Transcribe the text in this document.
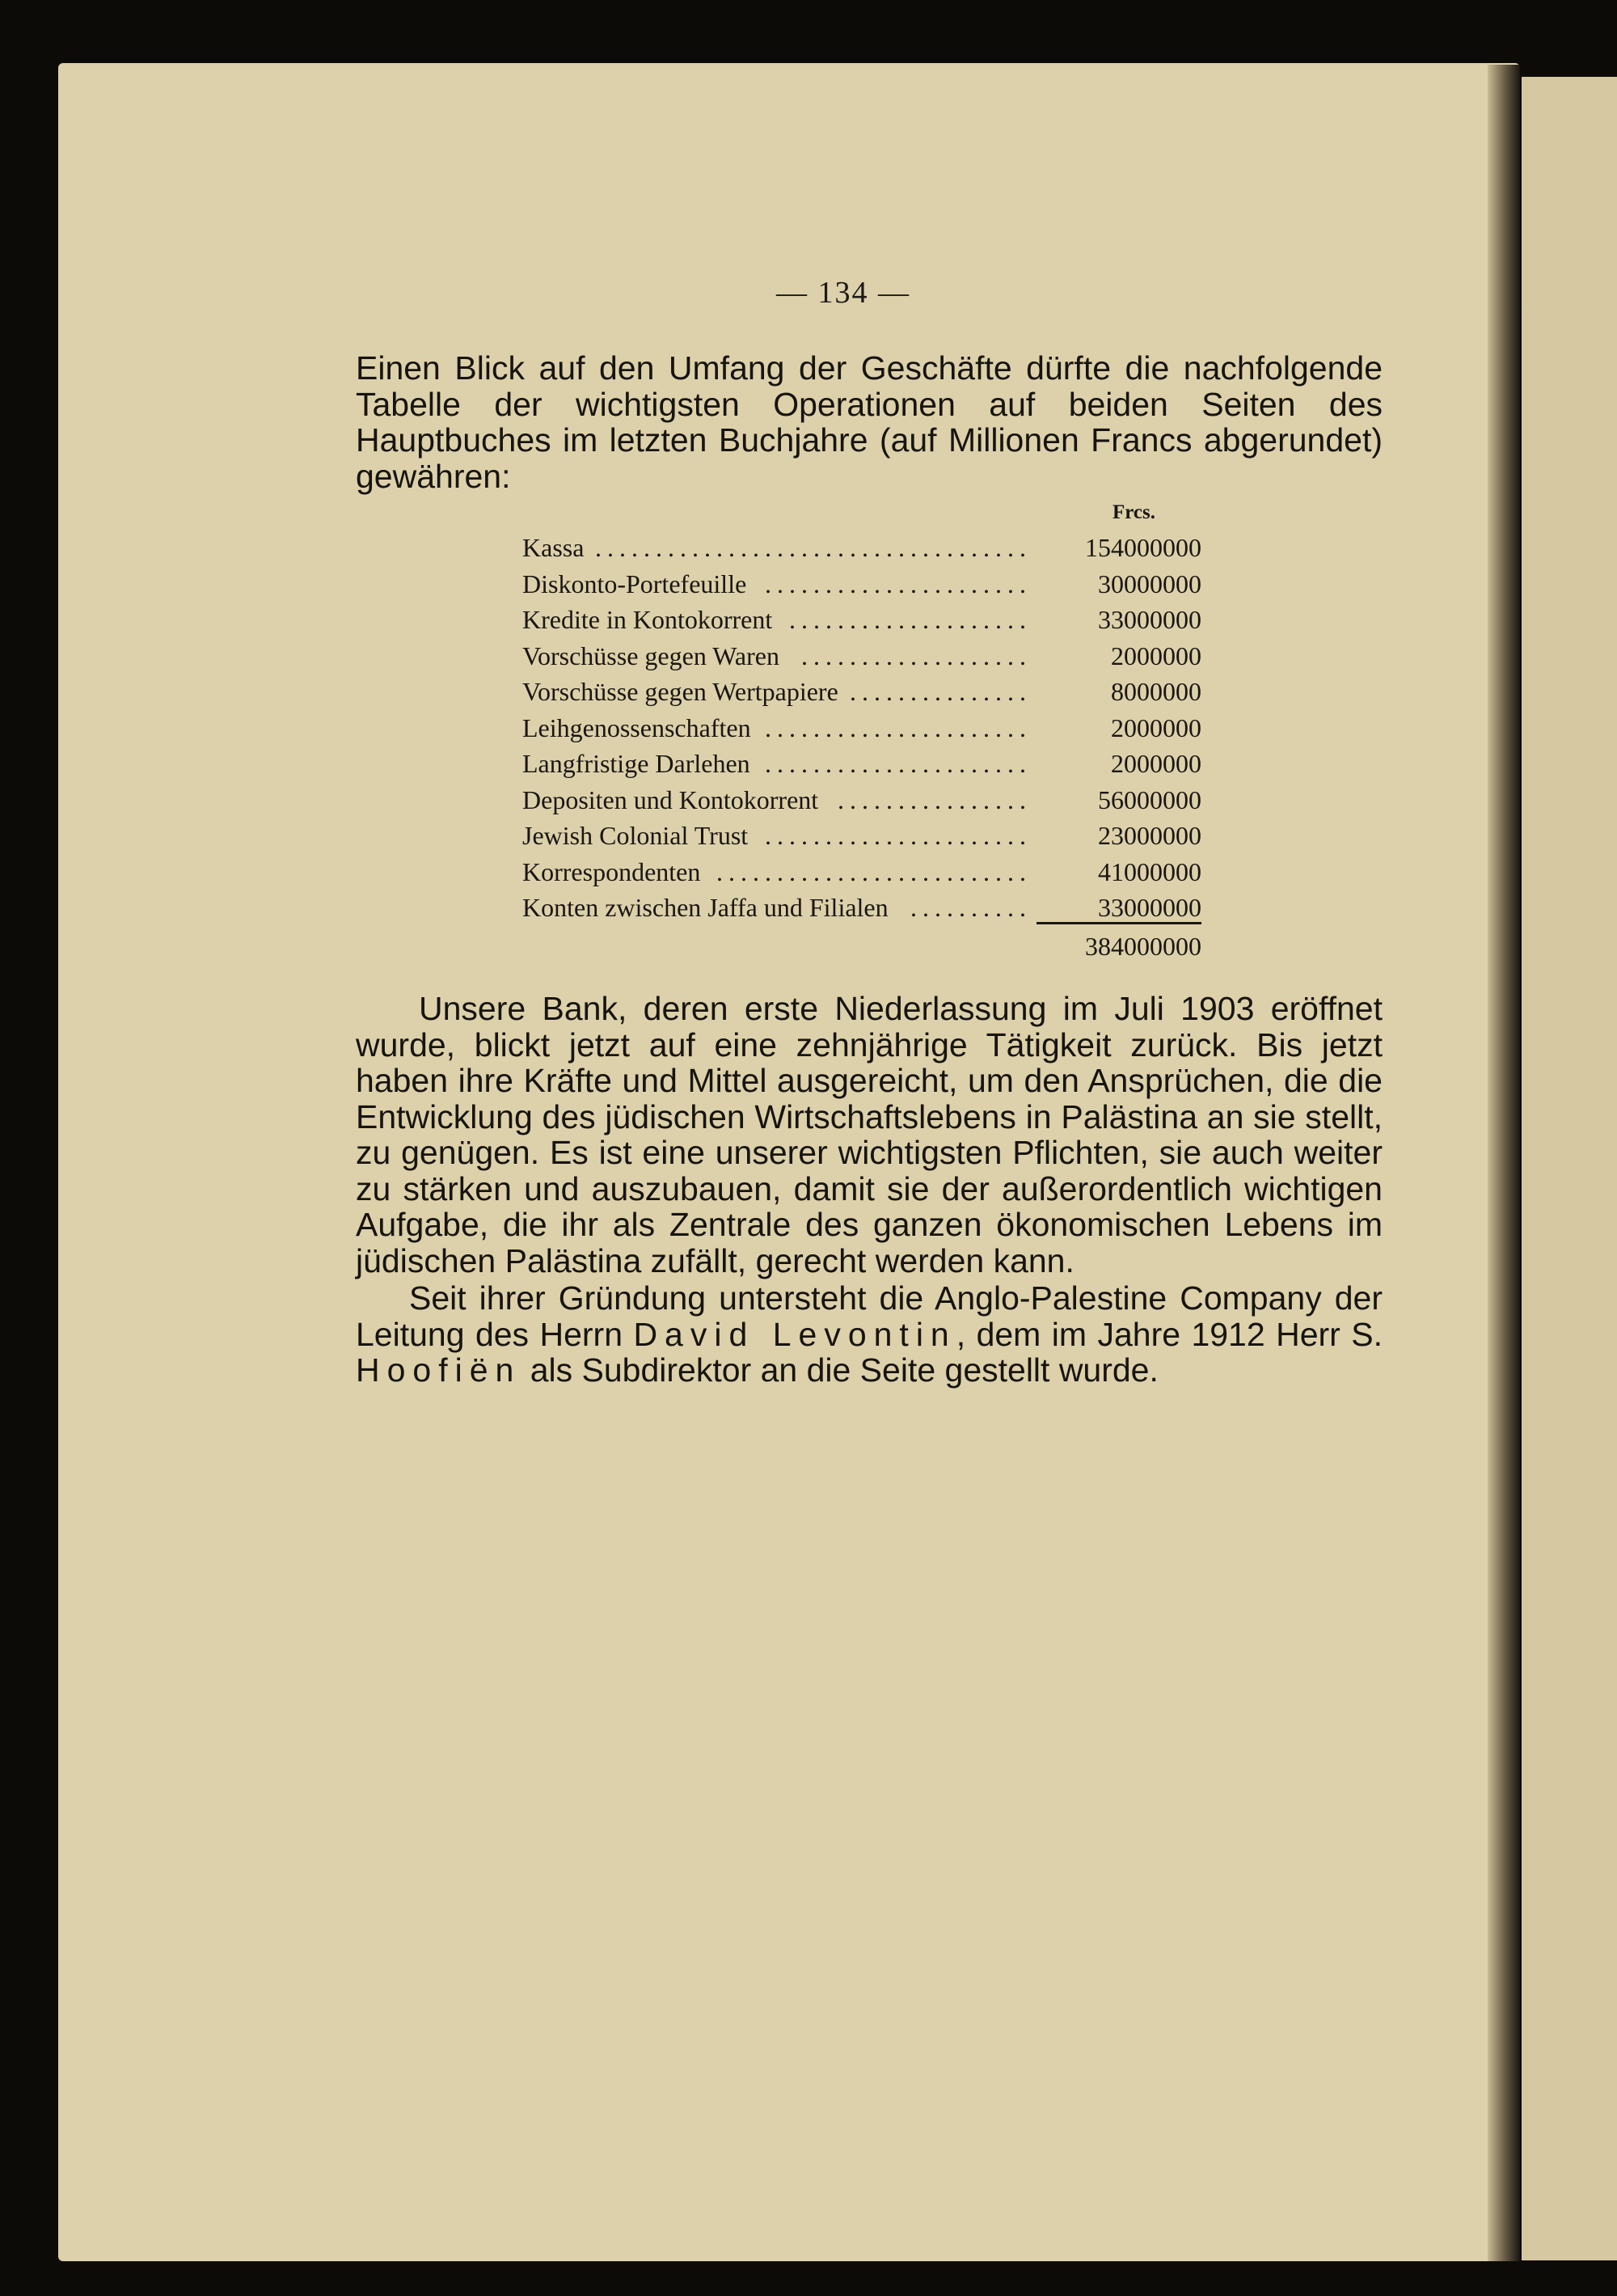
— 134 —

Einen Blick auf den Umfang der Geschäfte dürfte die nachfolgende Tabelle der wichtigsten Operationen auf beiden Seiten des Hauptbuches im letzten Buchjahre (auf Millionen Francs abgerundet) gewähren:

Frcs.
Kassa ....................................	154000000
Diskonto-Portefeuille ......................	30000000
Kredite in Kontokorrent ....................	33000000
Vorschüsse gegen Waren ...................	2000000
Vorschüsse gegen Wertpapiere ...............	8000000
Leihgenossenschaften ......................	2000000
Langfristige Darlehen ......................	2000000
Depositen und Kontokorrent ................	56000000
Jewish Colonial Trust ......................	23000000
Korrespondenten ..........................	41000000
Konten zwischen Jaffa und Filialen ..........	33000000
384000000

Unsere Bank, deren erste Niederlassung im Juli 1903 eröffnet wurde, blickt jetzt auf eine zehnjährige Tätigkeit zurück. Bis jetzt haben ihre Kräfte und Mittel ausgereicht, um den Ansprüchen, die die Entwicklung des jüdischen Wirtschaftslebens in Palästina an sie stellt, zu genügen. Es ist eine unserer wichtigsten Pflichten, sie auch weiter zu stärken und auszubauen, damit sie der außerordentlich wichtigen Aufgabe, die ihr als Zentrale des ganzen ökonomischen Lebens im jüdischen Palästina zufällt, gerecht werden kann.

Seit ihrer Gründung untersteht die Anglo-Palestine Company der Leitung des Herrn David Levontin, dem im Jahre 1912 Herr S. Hoofiën als Subdirektor an die Seite gestellt wurde.
